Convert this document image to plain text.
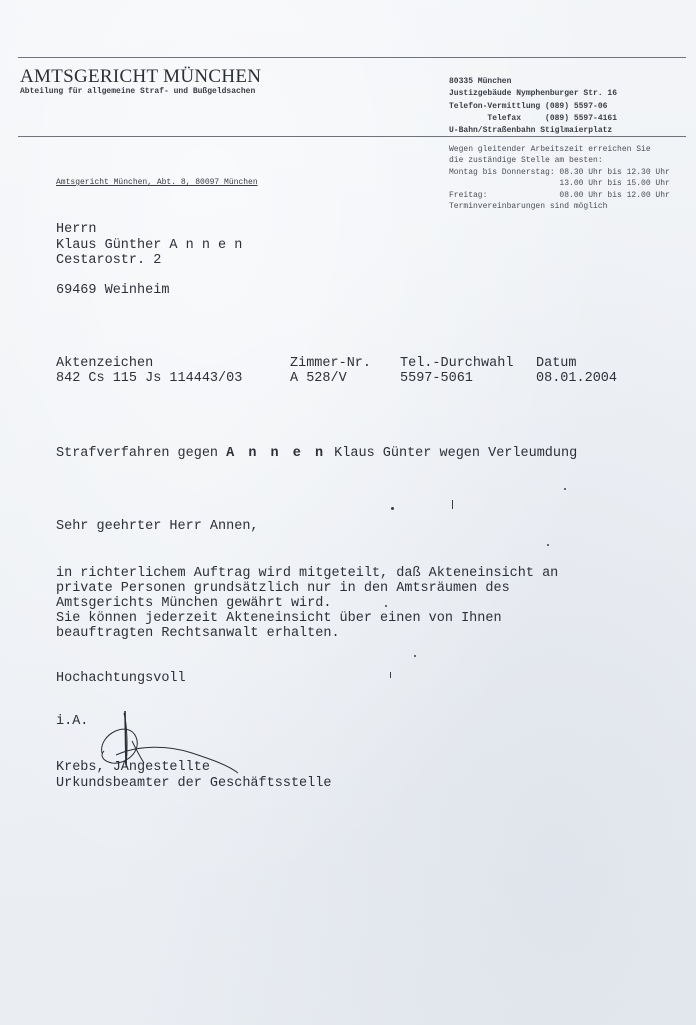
AMTSGERICHT MÜNCHEN
Abteilung für allgemeine Straf- und Bußgeldsachen
80335 München
Justizgebäude Nymphenburger Str. 16
Telefon-Vermittlung (089) 5597-06
Telefax     (089) 5597-4161
U-Bahn/Straßenbahn Stiglmaierplatz
Wegen gleitender Arbeitszeit erreichen Sie
die zuständige Stelle am besten:
Montag bis Donnerstag: 08.30 Uhr bis 12.30 Uhr
13.00 Uhr bis 15.00 Uhr
Freitag:               08.00 Uhr bis 12.00 Uhr
Terminvereinbarungen sind möglich
Amtsgericht München, Abt. 8, 80097 München
Herrn
Klaus Günther A n n e n
Cestarostr. 2
69469 Weinheim
Aktenzeichen
842 Cs 115 Js 114443/03
Zimmer-Nr.
A 528/V
Tel.-Durchwahl
5597-5061
Datum
08.01.2004
Strafverfahren gegen A n n e n Klaus Günter wegen Verleumdung
Sehr geehrter Herr Annen,
in richterlichem Auftrag wird mitgeteilt, daß Akteneinsicht an
private Personen grundsätzlich nur in den Amtsräumen des
Amtsgerichts München gewährt wird.
Sie können jederzeit Akteneinsicht über einen von Ihnen
beauftragten Rechtsanwalt erhalten.
Hochachtungsvoll
i.A.
Krebs, JAngestellte
Urkundsbeamter der Geschäftsstelle
